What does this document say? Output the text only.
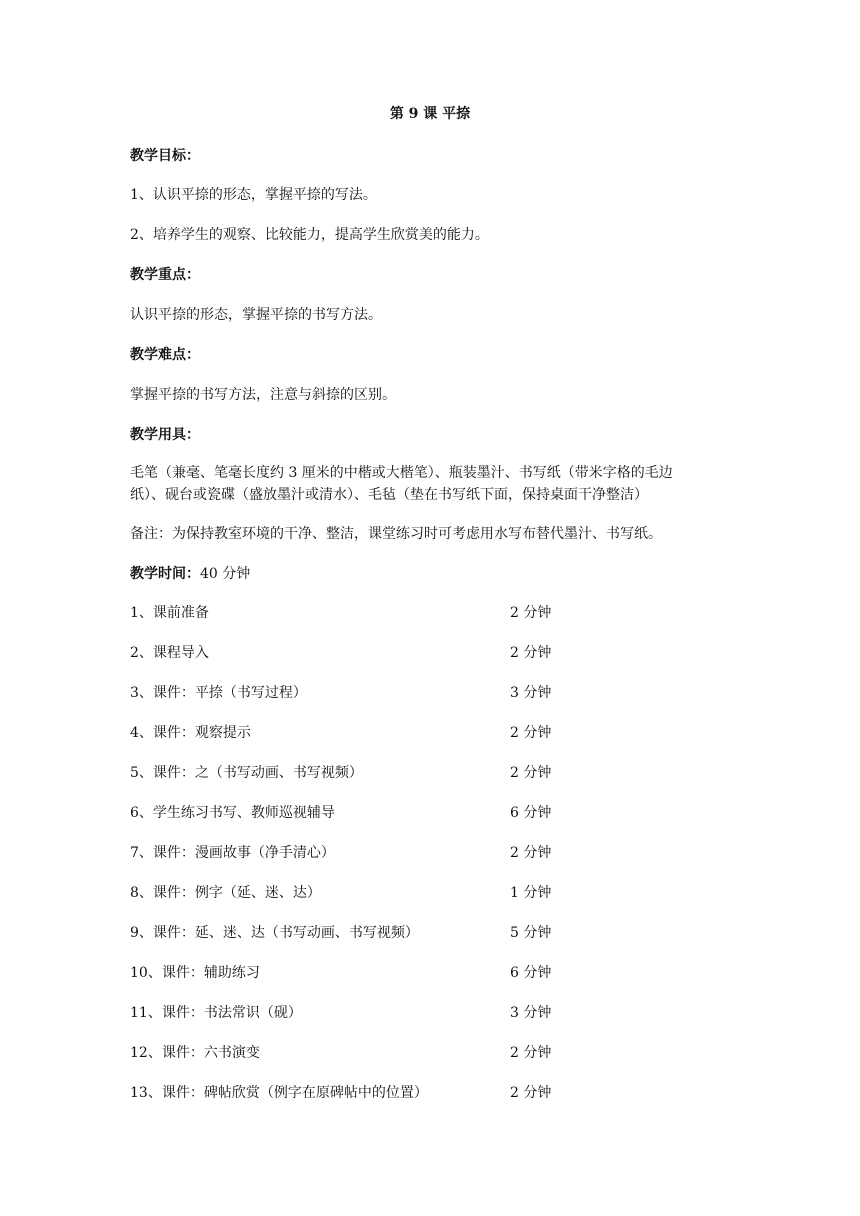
第 9 课 平捺
教学目标：
1、认识平捺的形态，掌握平捺的写法。
2、培养学生的观察、比较能力，提高学生欣赏美的能力。
教学重点：
认识平捺的形态，掌握平捺的书写方法。
教学难点：
掌握平捺的书写方法，注意与斜捺的区别。
教学用具：
毛笔（兼毫、笔毫长度约 3 厘米的中楷或大楷笔）、瓶装墨汁、书写纸（带米字格的毛边
纸）、砚台或瓷碟（盛放墨汁或清水）、毛毡（垫在书写纸下面，保持桌面干净整洁）
备注：为保持教室环境的干净、整洁，课堂练习时可考虑用水写布替代墨汁、书写纸。
教学时间：40 分钟
1、课前准备	2 分钟
2、课程导入	2 分钟
3、课件：平捺（书写过程）	3 分钟
4、课件：观察提示	2 分钟
5、课件：之（书写动画、书写视频）	2 分钟
6、学生练习书写、教师巡视辅导	6 分钟
7、课件：漫画故事（净手清心）	2 分钟
8、课件：例字（延、迷、达）	1 分钟
9、课件：延、迷、达（书写动画、书写视频）	5 分钟
10、课件：辅助练习	6 分钟
11、课件：书法常识（砚）	3 分钟
12、课件：六书演变	2 分钟
13、课件：碑帖欣赏（例字在原碑帖中的位置）	2 分钟
